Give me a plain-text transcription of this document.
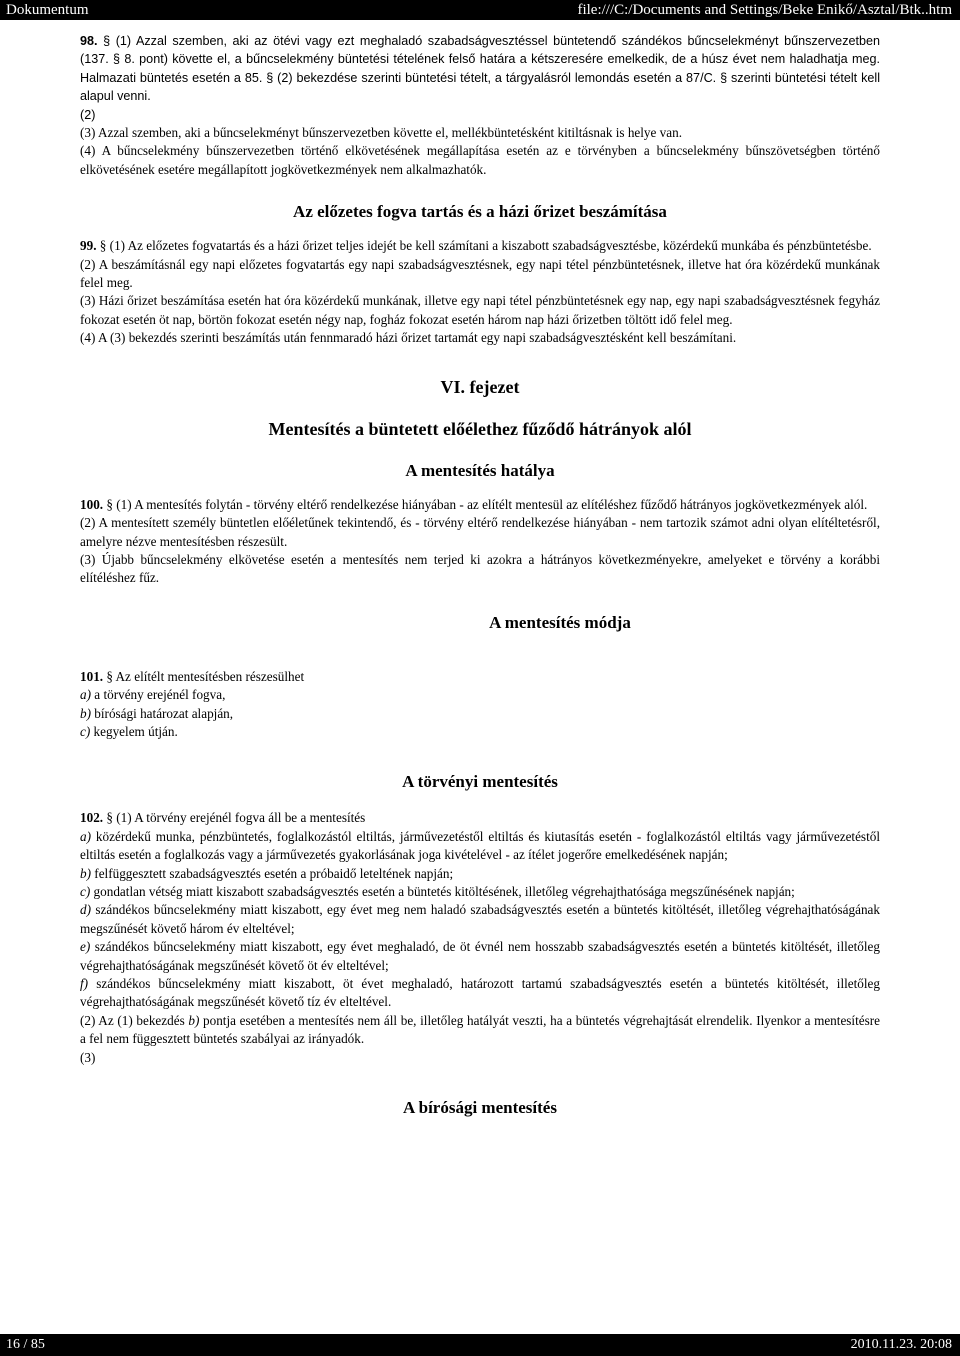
Dokumentum	file:///C:/Documents and Settings/Beke Enikő/Asztal/Btk..htm

98. § (1) Azzal szemben, aki az ötévi vagy ezt meghaladó szabadságvesztéssel büntetendő szándékos bűncselekményt bűnszervezetben (137. § 8. pont) követte el, a bűncselekmény büntetési tételének felső határa a kétszeresére emelkedik, de a húsz évet nem haladhatja meg. Halmazati büntetés esetén a 85. § (2) bekezdése szerinti büntetési tételt, a tárgyalásról lemondás esetén a 87/C. § szerinti büntetési tételt kell alapul venni.

(2)

(3) Azzal szemben, aki a bűncselekményt bűnszervezetben követte el, mellékbüntetésként kitiltásnak is helye van.

(4) A bűncselekmény bűnszervezetben történő elkövetésének megállapítása esetén az e törvényben a bűncselekmény bűnszövetségben történő elkövetésének esetére megállapított jogkövetkezmények nem alkalmazhatók.

Az előzetes fogva tartás és a házi őrizet beszámítása

99. § (1) Az előzetes fogvatartás és a házi őrizet teljes idejét be kell számítani a kiszabott szabadságvesztésbe, közérdekű munkába és pénzbüntetésbe.

(2) A beszámításnál egy napi előzetes fogvatartás egy napi szabadságvesztésnek, egy napi tétel pénzbüntetésnek, illetve hat óra közérdekű munkának felel meg.

(3) Házi őrizet beszámítása esetén hat óra közérdekű munkának, illetve egy napi tétel pénzbüntetésnek egy nap, egy napi szabadságvesztésnek fegyház fokozat esetén öt nap, börtön fokozat esetén négy nap, fogház fokozat esetén három nap házi őrizetben töltött idő felel meg.

(4) A (3) bekezdés szerinti beszámítás után fennmaradó házi őrizet tartamát egy napi szabadságvesztésként kell beszámítani.

VI. fejezet
Mentesítés a büntetett előélethez fűződő hátrányok alól
A mentesítés hatálya

100. § (1) A mentesítés folytán - törvény eltérő rendelkezése hiányában - az elítélt mentesül az elítéléshez fűződő hátrányos jogkövetkezmények alól.

(2) A mentesített személy büntetlen előéletűnek tekintendő, és - törvény eltérő rendelkezése hiányában - nem tartozik számot adni olyan elítéltetésről, amelyre nézve mentesítésben részesült.

(3) Újabb bűncselekmény elkövetése esetén a mentesítés nem terjed ki azokra a hátrányos következményekre, amelyeket e törvény a korábbi elítéléshez fűz.

A mentesítés módja

101. § Az elítélt mentesítésben részesülhet

a) a törvény erejénél fogva,

b) bírósági határozat alapján,

c) kegyelem útján.

A törvényi mentesítés

102. § (1) A törvény erejénél fogva áll be a mentesítés

a) közérdekű munka, pénzbüntetés, foglalkozástól eltiltás, járművezetéstől eltiltás és kiutasítás esetén - foglalkozástól eltiltás vagy járművezetéstől eltiltás esetén a foglalkozás vagy a járművezetés gyakorlásának joga kivételével - az ítélet jogerőre emelkedésének napján;

b) felfüggesztett szabadságvesztés esetén a próbaidő leteltének napján;

c) gondatlan vétség miatt kiszabott szabadságvesztés esetén a büntetés kitöltésének, illetőleg végrehajthatósága megszűnésének napján;

d) szándékos bűncselekmény miatt kiszabott, egy évet meg nem haladó szabadságvesztés esetén a büntetés kitöltését, illetőleg végrehajthatóságának megszűnését követő három év elteltével;

e) szándékos bűncselekmény miatt kiszabott, egy évet meghaladó, de öt évnél nem hosszabb szabadságvesztés esetén a büntetés kitöltését, illetőleg végrehajthatóságának megszűnését követő öt év elteltével;

f) szándékos bűncselekmény miatt kiszabott, öt évet meghaladó, határozott tartamú szabadságvesztés esetén a büntetés kitöltését, illetőleg végrehajthatóságának megszűnését követő tíz év elteltével.

(2) Az (1) bekezdés b) pontja esetében a mentesítés nem áll be, illetőleg hatályát veszti, ha a büntetés végrehajtását elrendelik. Ilyenkor a mentesítésre a fel nem függesztett büntetés szabályai az irányadók.

(3)

A bírósági mentesítés
16 / 85	2010.11.23. 20:08
